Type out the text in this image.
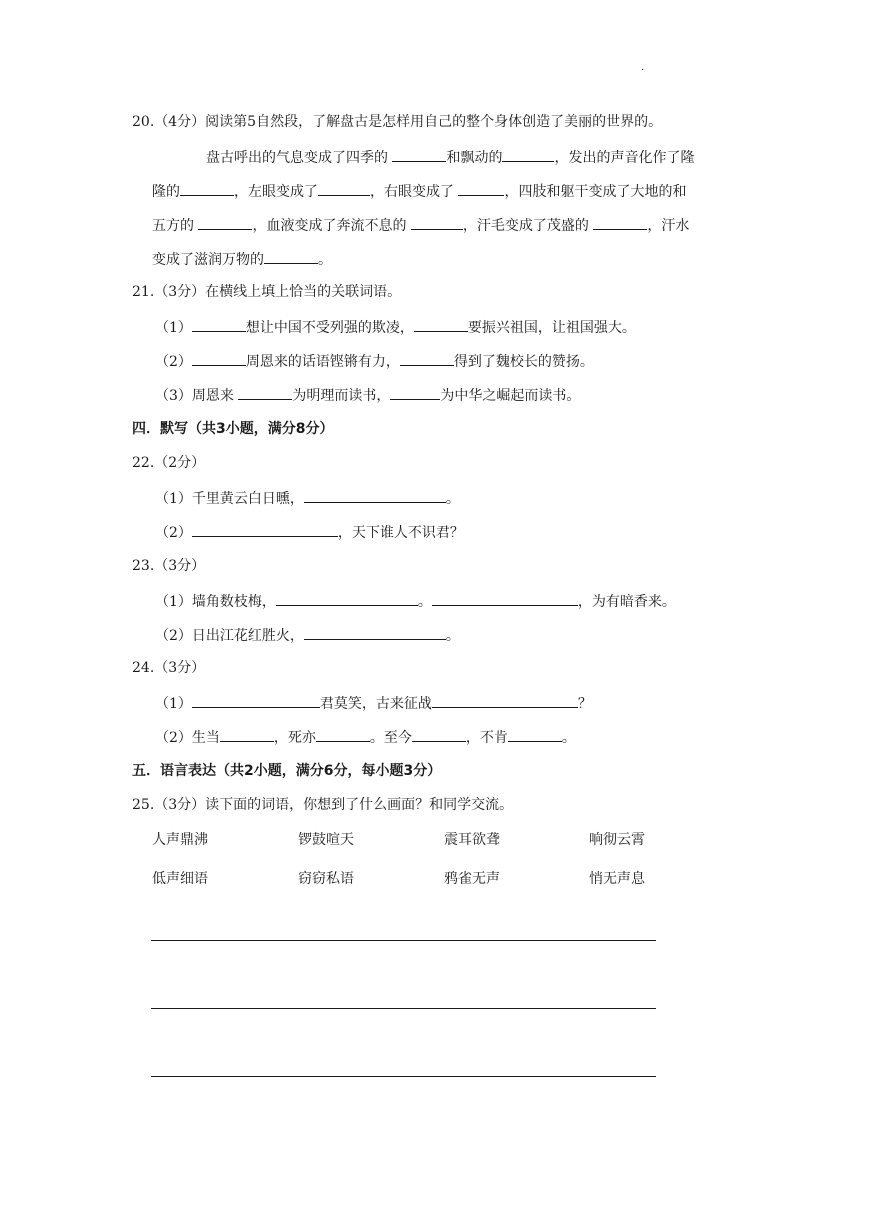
·
20.（4分）阅读第5自然段，了解盘古是怎样用自己的整个身体创造了美丽的世界的。
盘古呼出的气息变成了四季的	和飘动的	，发出的声音化作了隆
隆的	，左眼变成了	，右眼变成了	，四肢和躯干变成了大地的和
五方的	，血液变成了奔流不息的	，汗毛变成了茂盛的	，汗水
变成了滋润万物的	。
21.（3分）在横线上填上恰当的关联词语。
（1）	想让中国不受列强的欺凌，	要振兴祖国，让祖国强大。
（2）	周恩来的话语铿锵有力，	得到了魏校长的赞扬。
（3）周恩来	为明理而读书，	为中华之崛起而读书。
四．默写（共3小题，满分8分）
22.（2分）
（1）千里黄云白日曛，	。
（2）	，天下谁人不识君？
23.（3分）
（1）墙角数枝梅，	。	，为有暗香来。
（2）日出江花红胜火，	。
24.（3分）
（1）	君莫笑，古来征战	？
（2）生当	，死亦	。至今	，不肯	。
五．语言表达（共2小题，满分6分，每小题3分）
25.（3分）读下面的词语，你想到了什么画面？和同学交流。
人声鼎沸	锣鼓喧天	震耳欲聋	响彻云霄
低声细语	窃窃私语	鸦雀无声	悄无声息
